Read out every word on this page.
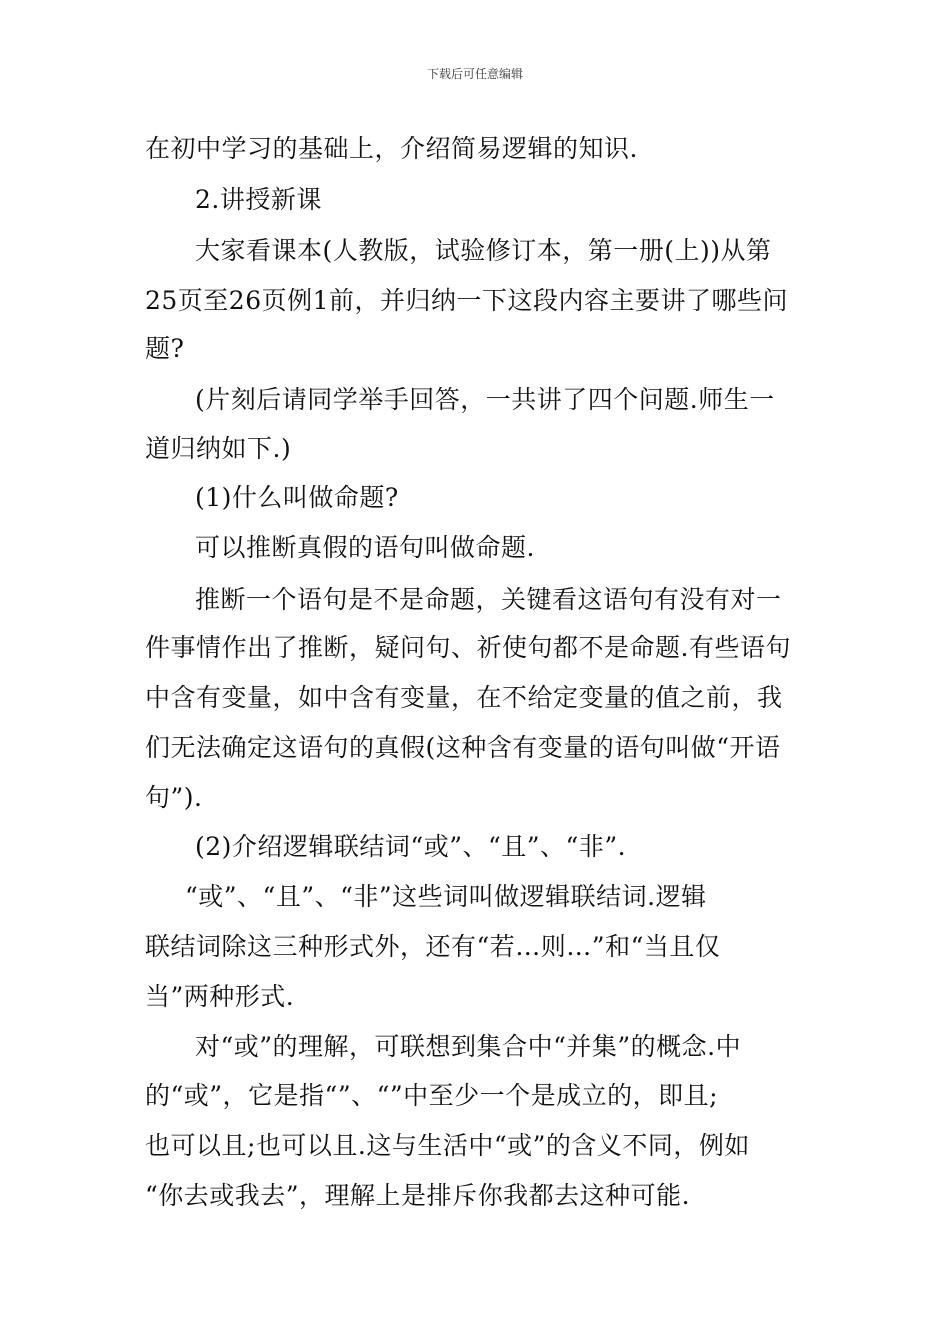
下载后可任意编辑
在初中学习的基础上，介绍简易逻辑的知识.
2.讲授新课
大家看课本(人教版，试验修订本，第一册(上))从第
25页至26页例1前，并归纳一下这段内容主要讲了哪些问
题?
(片刻后请同学举手回答，一共讲了四个问题.师生一
道归纳如下.)
(1)什么叫做命题?
可以推断真假的语句叫做命题.
推断一个语句是不是命题，关键看这语句有没有对一
件事情作出了推断，疑问句、祈使句都不是命题.有些语句
中含有变量，如中含有变量，在不给定变量的值之前，我
们无法确定这语句的真假(这种含有变量的语句叫做“开语
句”).
(2)介绍逻辑联结词“或”、“且”、“非”.
“或”、“且”、“非”这些词叫做逻辑联结词.逻辑
联结词除这三种形式外，还有“若…则…”和“当且仅
当”两种形式.
对“或”的理解，可联想到集合中“并集”的概念.中
的“或”，它是指“”、“”中至少一个是成立的，即且;
也可以且;也可以且.这与生活中“或”的含义不同，例如
“你去或我去”，理解上是排斥你我都去这种可能.
